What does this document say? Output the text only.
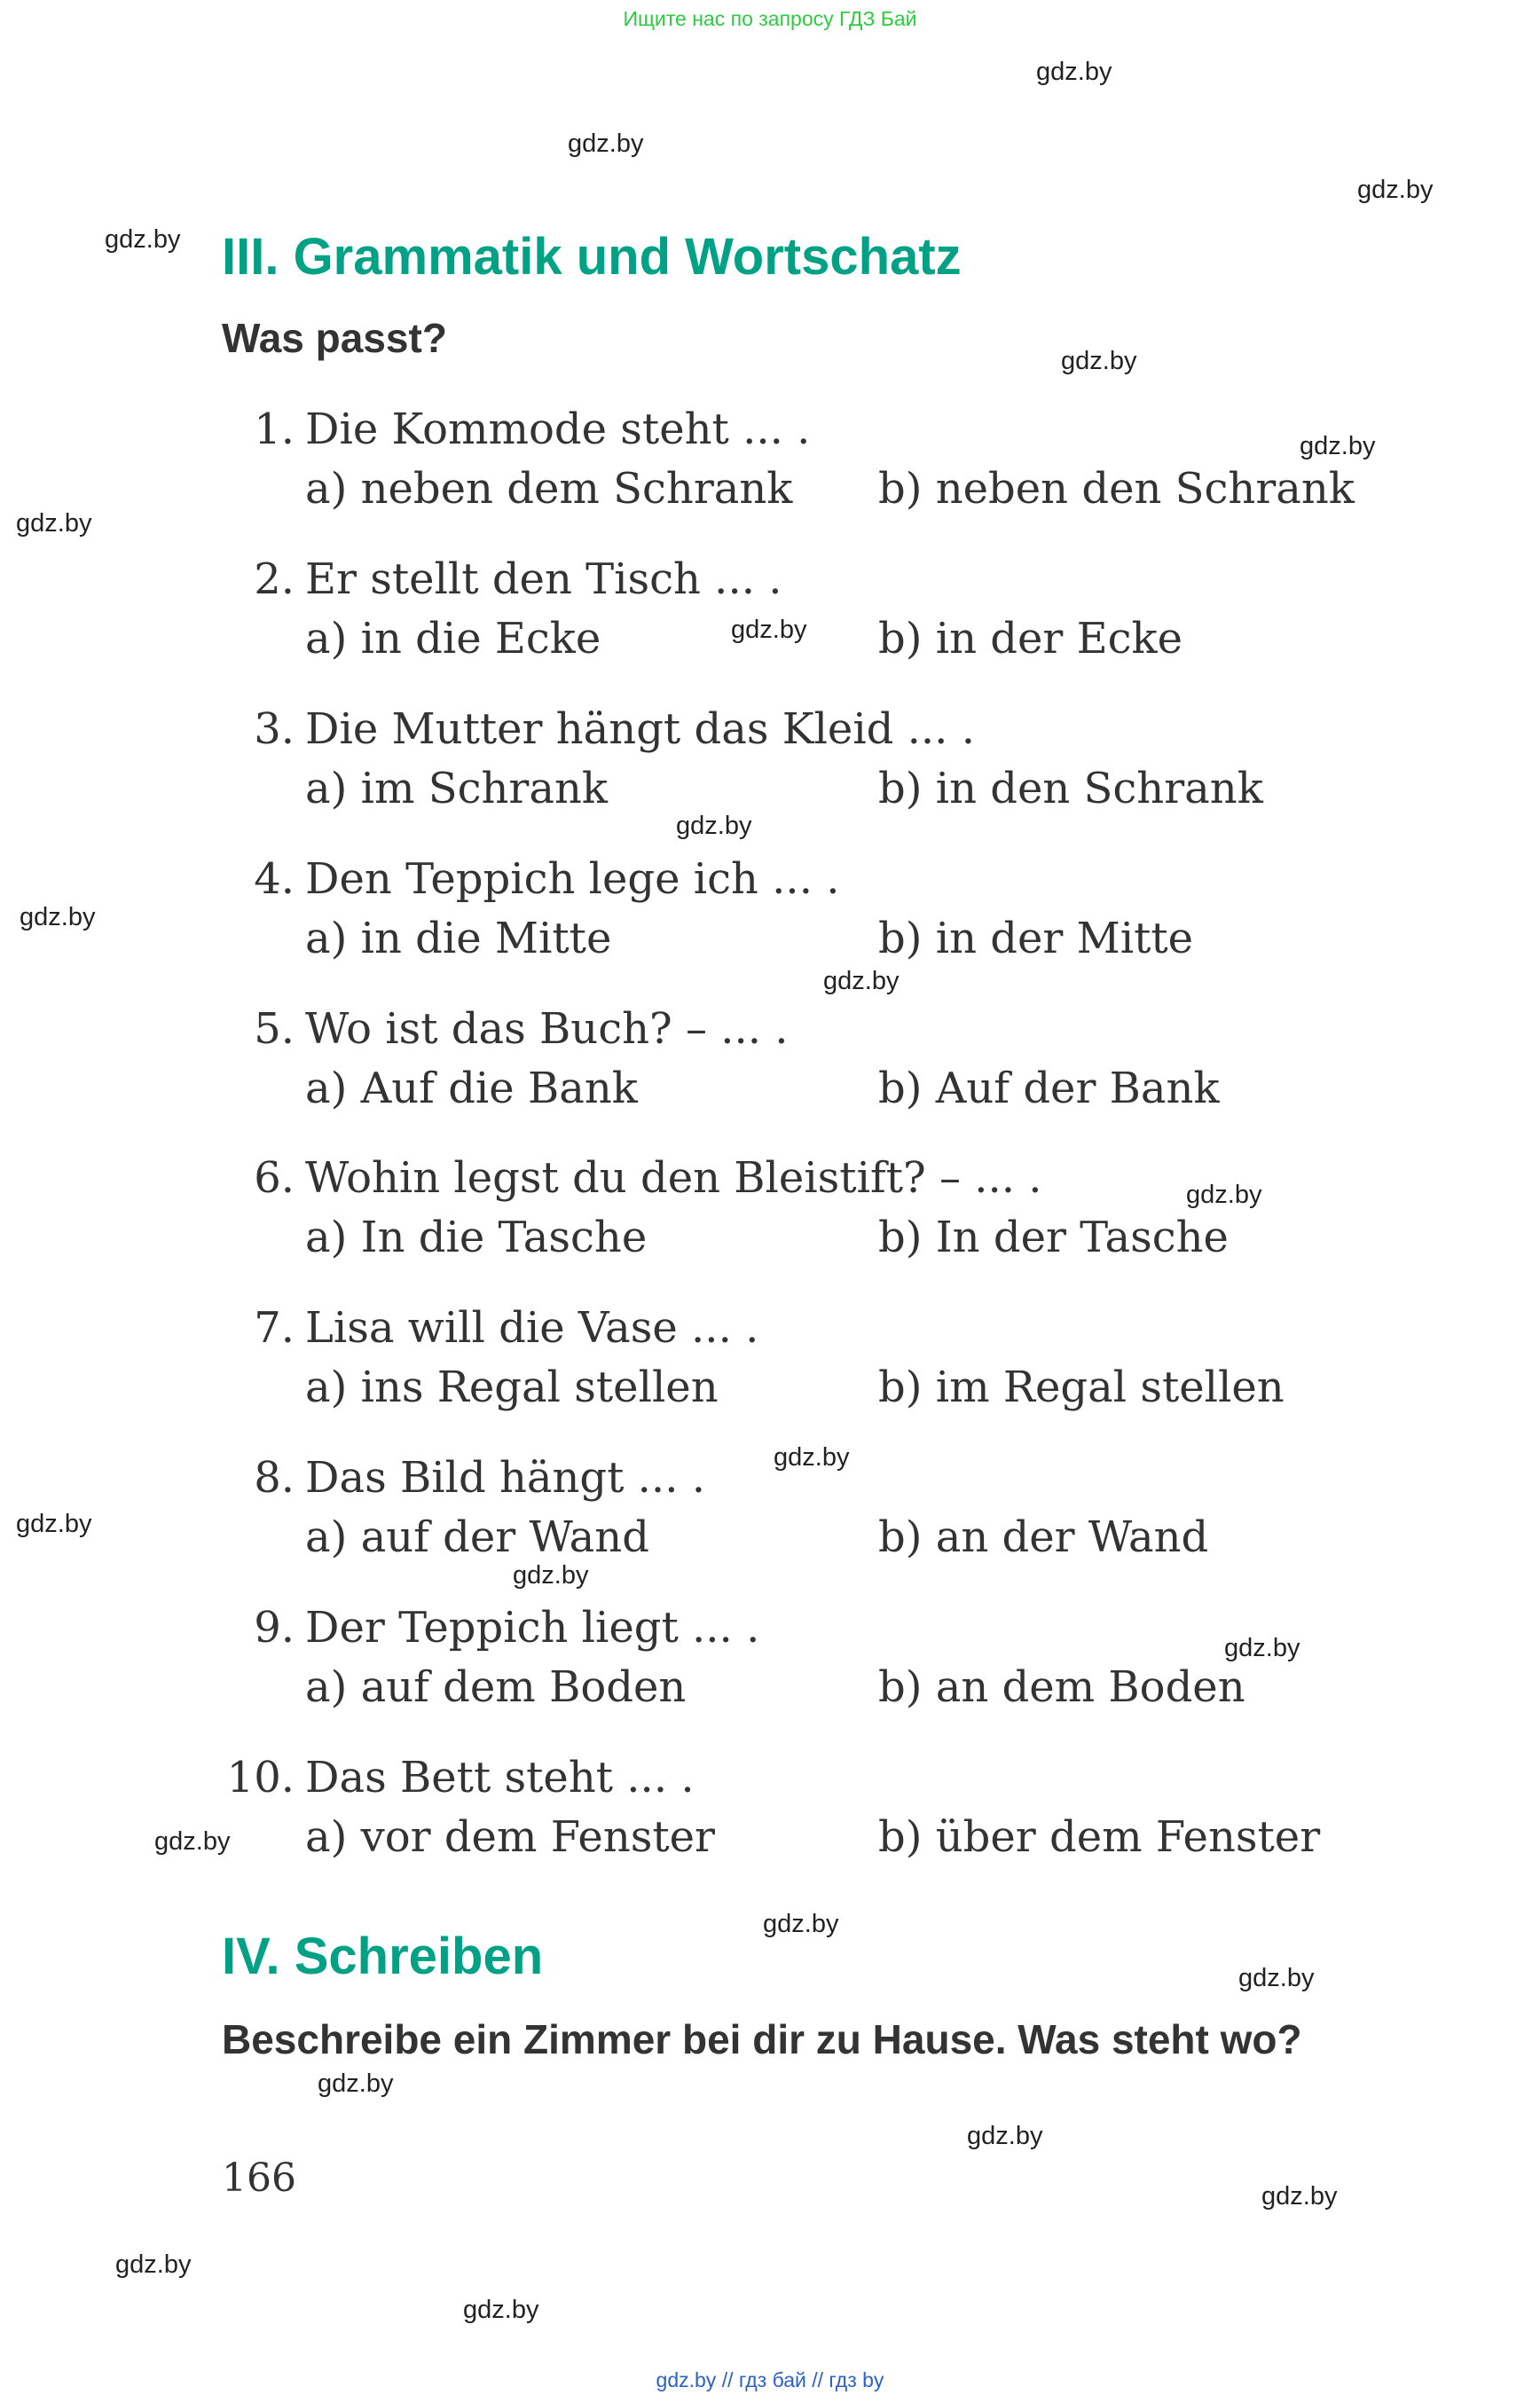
Ищите нас по запросу ГДЗ Бай
gdz.by
gdz.by
gdz.by
gdz.by
gdz.by
gdz.by
gdz.by
gdz.by
gdz.by
gdz.by
gdz.by
gdz.by
gdz.by
gdz.by
gdz.by
gdz.by
gdz.by
gdz.by
gdz.by
gdz.by
gdz.by
gdz.by
gdz.by
gdz.by
III. Grammatik und Wortschatz
Was passt?
1. Die Kommode steht ... .
a) neben dem Schrank b) neben den Schrank
2. Er stellt den Tisch ... .
a) in die Ecke	b) in der Ecke
3. Die Mutter hängt das Kleid ... .
a) im Schrank	b) in den Schrank
4. Den Teppich lege ich ... .
a) in die Mitte	b) in der Mitte
5. Wo ist das Buch? – ... .
a) Auf die Bank	b) Auf der Bank
6. Wohin legst du den Bleistift? – ... .
a) In die Tasche	b) In der Tasche
7. Lisa will die Vase ... .
a) ins Regal stellen	b) im Regal stellen
8. Das Bild hängt ... .
a) auf der Wand	b) an der Wand
9. Der Teppich liegt ... .
a) auf dem Boden	b) an dem Boden
10. Das Bett steht ... .
a) vor dem Fenster	b) über dem Fenster
IV. Schreiben
Beschreibe ein Zimmer bei dir zu Hause. Was steht wo?
166
gdz.by // гдз бай // гдз by
